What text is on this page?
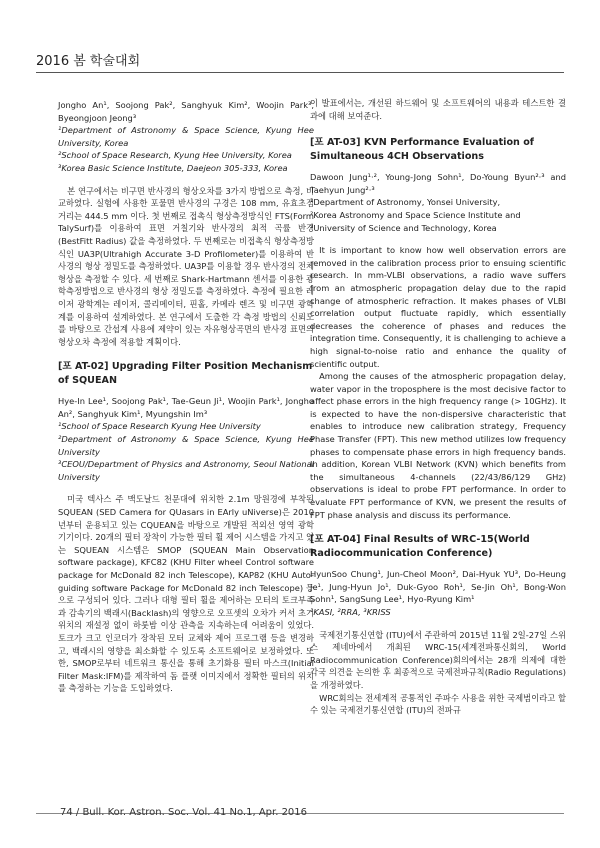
2016 봄 학술대회

Jongho An¹, Soojong Pak², Sanghyuk Kim², Woojin Park³, Byeongjoon Jeong³

¹Department of Astronomy & Space Science, Kyung Hee University, Korea

²School of Space Research, Kyung Hee University, Korea

³Korea Basic Science Institute, Daejeon 305-333, Korea

본 연구에서는 비구면 반사경의 형상오차를 3가지 방법으로 측정, 비교하였다. 실험에 사용한 포물면 반사경의 구경은 108 mm, 유효초점거리는 444.5 mm 이다. 첫 번째로 접촉식 형상측정방식인 FTS(Form TalySurf)를 이용하여 표면 거칠기와 반사경의 최적 곡률 반경(BestFitt Radius) 값을 측정하였다. 두 번째로는 비접촉식 형상측정방식인 UA3P(Ultrahigh Accurate 3-D Profilometer)를 이용하여 반사경의 형상 정밀도를 측정하였다. UA3P를 이용할 경우 반사경의 전체 형상을 측정할 수 있다. 세 번째로 Shark-Hartmann 센서를 이용한 광학측정방법으로 반사경의 형상 정밀도를 측정하였다. 측정에 필요한 레이저 광학계는 레이저, 콜리메이터, 핀홀, 카메라 렌즈 및 비구면 광학계를 이용하여 설계하였다. 본 연구에서 도출한 각 측정 방법의 신뢰도를 바탕으로 간섭계 사용에 제약이 있는 자유형상곡면의 반사경 표면의 형상오차 측정에 적용할 계획이다.

[포 AT-02] Upgrading Filter Position Mechanism of SQUEAN

Hye-In Lee¹, Soojong Pak¹, Tae-Geun Ji¹, Woojin Park¹, Jongho An², Sanghyuk Kim¹, Myungshin Im³

¹School of Space Research Kyung Hee University

²Department of Astronomy & Space Science, Kyung Hee University

³CEOU/Department of Physics and Astronomy, Seoul National University

미국 텍사스 주 맥도날드 천문대에 위치한 2.1m 망원경에 부착된 SQUEAN (SED Camera for QUasars in EArly uNiverse)은 2010년부터 운용되고 있는 CQUEAN을 바탕으로 개발된 적외선 영역 광학기기이다. 20개의 필터 장착이 가능한 필터 휠 제어 시스템을 가지고 있는 SQUEAN 시스템은 SMOP (SQUEAN Main Observation software package), KFC82 (KHU Filter wheel Control software package for McDonald 82 inch Telescope), KAP82 (KHU Auto-guiding software Package for McDonald 82 inch Telescope) 등으로 구성되어 있다. 그러나 대형 필터 휠을 제어하는 모터의 토크부족과 감속기의 백래시(Backlash)의 영향으로 오프셋의 오차가 커서 초기위치의 재설정 없이 하룻밤 이상 관측을 지속하는데 어려움이 있었다. 토크가 크고 인코더가 장착된 모터 교체와 제어 프로그램 등을 변경하고, 백래시의 영향을 최소화할 수 있도록 소프트웨어로 보정하였다. 또한, SMOP로부터 네트워크 통신을 통해 초기화용 필터 마스크(Initial Filter Mask:IFM)를 제작하여 돔 플랫 이미지에서 정확한 필터의 위치를 측정하는 기능을 도입하였다.

이 발표에서는, 개선된 하드웨어 및 소프트웨어의 내용과 테스트한 결과에 대해 보여준다.

[포 AT-03] KVN Performance Evaluation of Simultaneous 4CH Observations

Dawoon Jung¹·², Young-Jong Sohn¹, Do-Young Byun²·³ and Taehyun Jung²·³

¹Department of Astronomy, Yonsei University,

²Korea Astronomy and Space Science Institute and

³University of Science and Technology, Korea

It is important to know how well observation errors are removed in the calibration process prior to ensuing scientific research. In mm-VLBI observations, a radio wave suffers from an atmospheric propagation delay due to the rapid change of atmospheric refraction. It makes phases of VLBI correlation output fluctuate rapidly, which essentially decreases the coherence of phases and reduces the integration time. Consequently, it is challenging to achieve a high signal-to-noise ratio and enhance the quality of scientific output.

Among the causes of the atmospheric propagation delay, water vapor in the troposphere is the most decisive factor to affect phase errors in the high frequency range (> 10GHz). It is expected to have the non-dispersive characteristic that enables to introduce new calibration strategy, Frequency Phase Transfer (FPT). This new method utilizes low frequency phases to compensate phase errors in high frequency bands. In addition, Korean VLBI Network (KVN) which benefits from the simultaneous 4-channels (22/43/86/129 GHz) observations is ideal to probe FPT performance. In order to evaluate FPT performance of KVN, we present the results of FPT phase analysis and discuss its performance.

[포 AT-04] Final Results of WRC-15(World Radiocommunication Conference)

HyunSoo Chung¹, Jun-Cheol Moon², Dai-Hyuk YU³, Do-Heung Je¹, Jung-Hyun Jo¹, Duk-Gyoo Roh¹, Se-Jin Oh¹, Bong-Won Sohn¹, SangSung Lee¹, Hyo-Ryung Kim¹

¹KASI, ²RRA, ³KRISS

국제전기통신연합 (ITU)에서 주관하여 2015년 11월 2일-27일 스위스 제네바에서 개최된 WRC-15(세계전파통신회의, World Radiocommunication Conference)회의에서는 28개 의제에 대한 각국 의견을 논의한 후 최종적으로 국제전파규칙(Radio Regulations)을 개정하였다.

WRC회의는 전세계적 공통적인 주파수 사용을 위한 국제범이라고 할 수 있는 국제전기통신연합 (ITU)의 전파규

74 / Bull. Kor. Astron. Soc. Vol. 41 No.1, Apr. 2016
